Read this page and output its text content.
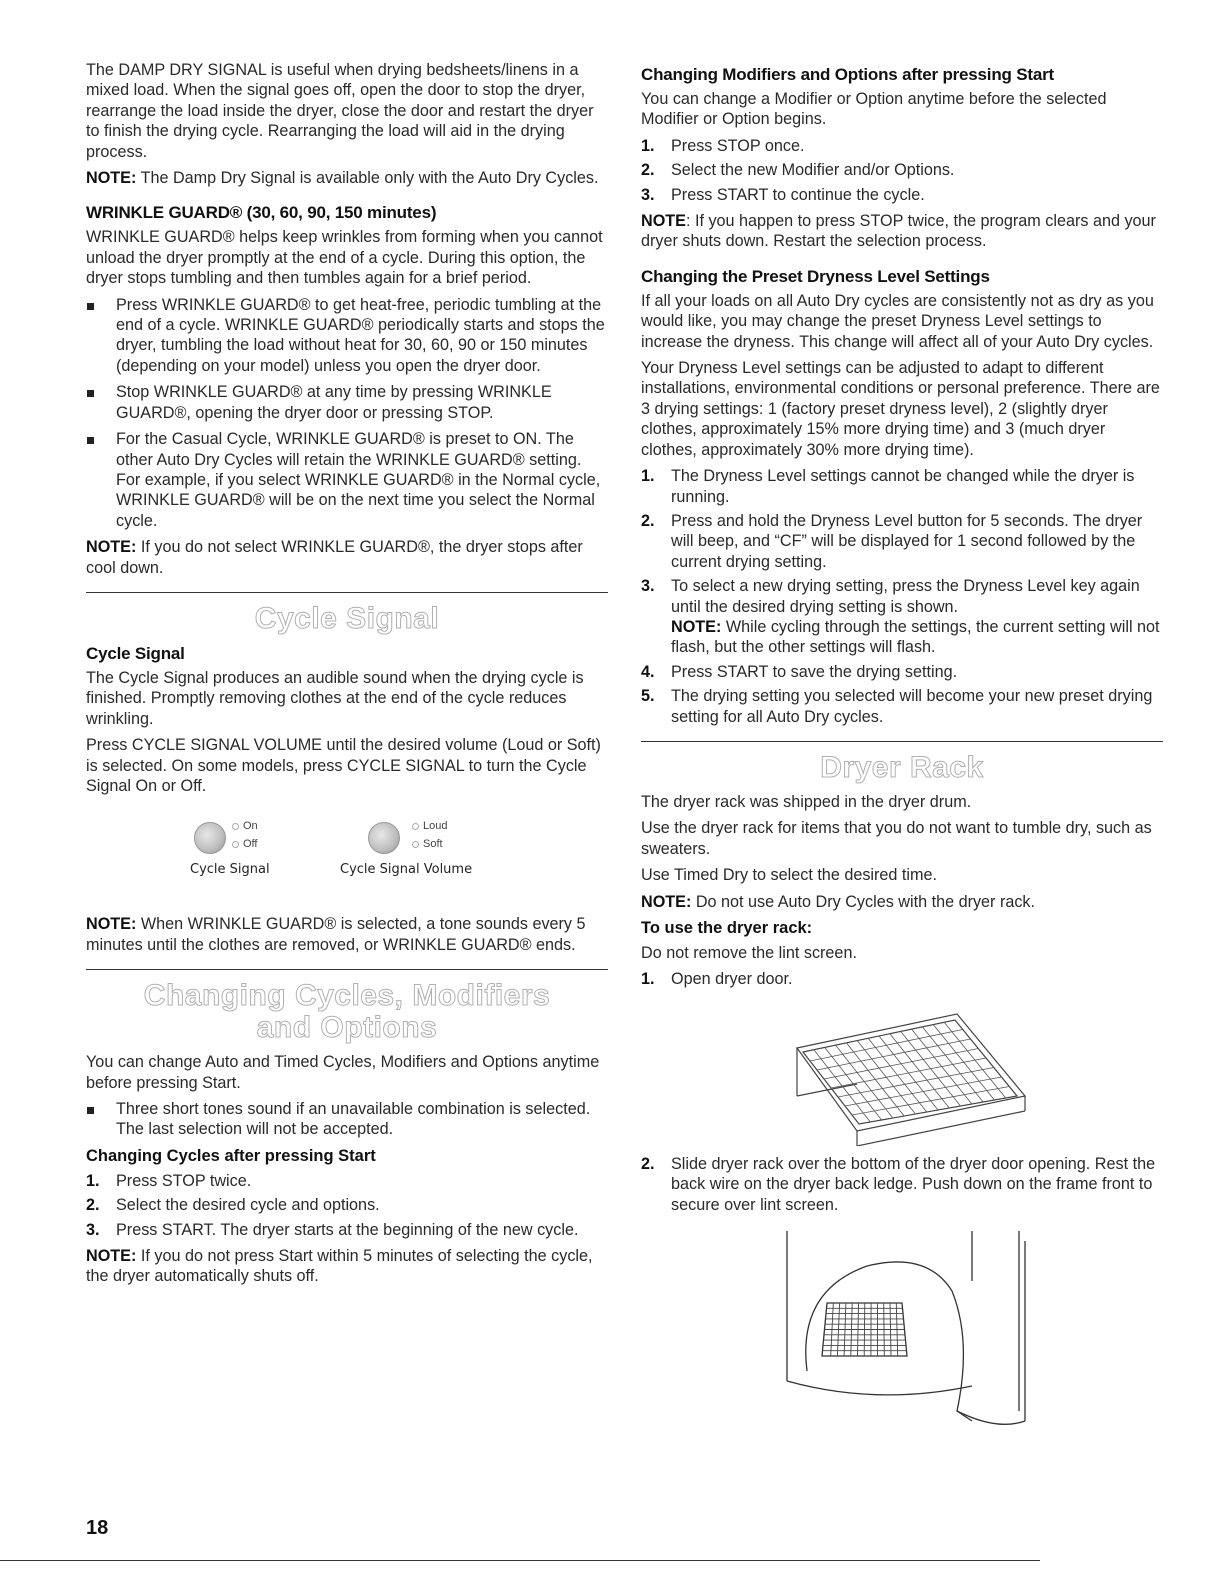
The DAMP DRY SIGNAL is useful when drying bedsheets/linens in a mixed load. When the signal goes off, open the door to stop the dryer, rearrange the load inside the dryer, close the door and restart the dryer to finish the drying cycle. Rearranging the load will aid in the drying process.

NOTE: The Damp Dry Signal is available only with the Auto Dry Cycles.

WRINKLE GUARD® (30, 60, 90, 150 minutes)

WRINKLE GUARD® helps keep wrinkles from forming when you cannot unload the dryer promptly at the end of a cycle. During this option, the dryer stops tumbling and then tumbles again for a brief period.

Press WRINKLE GUARD® to get heat-free, periodic tumbling at the end of a cycle. WRINKLE GUARD® periodically starts and stops the dryer, tumbling the load without heat for 30, 60, 90 or 150 minutes (depending on your model) unless you open the dryer door.
Stop WRINKLE GUARD® at any time by pressing WRINKLE GUARD®, opening the dryer door or pressing STOP.
For the Casual Cycle, WRINKLE GUARD® is preset to ON. The other Auto Dry Cycles will retain the WRINKLE GUARD® setting. For example, if you select WRINKLE GUARD® in the Normal cycle, WRINKLE GUARD® will be on the next time you select the Normal cycle.

NOTE: If you do not select WRINKLE GUARD®, the dryer stops after cool down.

Cycle Signal
Cycle Signal

The Cycle Signal produces an audible sound when the drying cycle is finished. Promptly removing clothes at the end of the cycle reduces wrinkling.

Press CYCLE SIGNAL VOLUME until the desired volume (Loud or Soft) is selected. On some models, press CYCLE SIGNAL to turn the Cycle Signal On or Off.

On
Off
Cycle Signal
Loud
Soft
Cycle Signal Volume

NOTE: When WRINKLE GUARD® is selected, a tone sounds every 5 minutes until the clothes are removed, or WRINKLE GUARD® ends.

Changing Cycles, Modifiers
and Options

You can change Auto and Timed Cycles, Modifiers and Options anytime before pressing Start.

Three short tones sound if an unavailable combination is selected. The last selection will not be accepted.
Changing Cycles after pressing Start
1. Press STOP twice.
2. Select the desired cycle and options.
3. Press START. The dryer starts at the beginning of the new cycle.

NOTE: If you do not press Start within 5 minutes of selecting the cycle, the dryer automatically shuts off.

Changing Modifiers and Options after pressing Start

You can change a Modifier or Option anytime before the selected Modifier or Option begins.

1. Press STOP once.
2. Select the new Modifier and/or Options.
3. Press START to continue the cycle.

NOTE: If you happen to press STOP twice, the program clears and your dryer shuts down. Restart the selection process.

Changing the Preset Dryness Level Settings

If all your loads on all Auto Dry cycles are consistently not as dry as you would like, you may change the preset Dryness Level settings to increase the dryness. This change will affect all of your Auto Dry cycles.

Your Dryness Level settings can be adjusted to adapt to different installations, environmental conditions or personal preference. There are 3 drying settings: 1 (factory preset dryness level), 2 (slightly dryer clothes, approximately 15% more drying time) and 3 (much dryer clothes, approximately 30% more drying time).

1. The Dryness Level settings cannot be changed while the dryer is running.
2. Press and hold the Dryness Level button for 5 seconds. The dryer will beep, and “CF” will be displayed for 1 second followed by the current drying setting.
3. To select a new drying setting, press the Dryness Level key again until the desired drying setting is shown.
NOTE: While cycling through the settings, the current setting will not flash, but the other settings will flash.
4. Press START to save the drying setting.
5. The drying setting you selected will become your new preset drying setting for all Auto Dry cycles.
Dryer Rack

The dryer rack was shipped in the dryer drum.

Use the dryer rack for items that you do not want to tumble dry, such as sweaters.

Use Timed Dry to select the desired time.

NOTE: Do not use Auto Dry Cycles with the dryer rack.

To use the dryer rack:

Do not remove the lint screen.

1. Open dryer door.
2. Slide dryer rack over the bottom of the dryer door opening. Rest the back wire on the dryer back ledge. Push down on the frame front to secure over lint screen.
18
